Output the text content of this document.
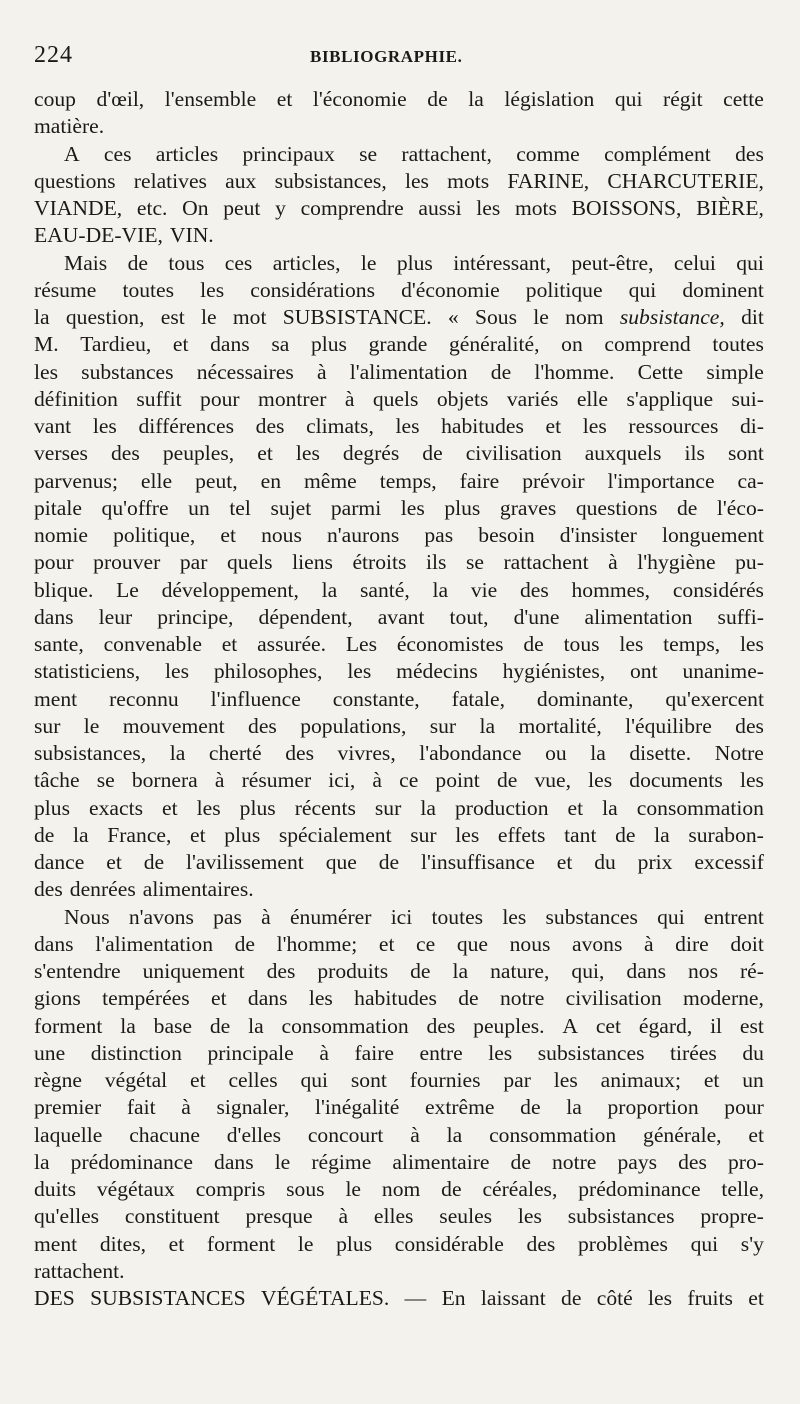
224	BIBLIOGRAPHIE.
coup d'œil, l'ensemble et l'économie de la législation qui régit cette
matière.
A ces articles principaux se rattachent, comme complément des
questions relatives aux subsistances, les mots FARINE, CHARCUTERIE,
VIANDE, etc. On peut y comprendre aussi les mots BOISSONS, BIÈRE,
EAU-DE-VIE, VIN.
Mais de tous ces articles, le plus intéressant, peut-être, celui qui
résume toutes les considérations d'économie politique qui dominent
la question, est le mot SUBSISTANCE. « Sous le nom subsistance, dit
M. Tardieu, et dans sa plus grande généralité, on comprend toutes
les substances nécessaires à l'alimentation de l'homme. Cette simple
définition suffit pour montrer à quels objets variés elle s'applique sui-
vant les différences des climats, les habitudes et les ressources di-
verses des peuples, et les degrés de civilisation auxquels ils sont
parvenus; elle peut, en même temps, faire prévoir l'importance ca-
pitale qu'offre un tel sujet parmi les plus graves questions de l'éco-
nomie politique, et nous n'aurons pas besoin d'insister longuement
pour prouver par quels liens étroits ils se rattachent à l'hygiène pu-
blique. Le développement, la santé, la vie des hommes, considérés
dans leur principe, dépendent, avant tout, d'une alimentation suffi-
sante, convenable et assurée. Les économistes de tous les temps, les
statisticiens, les philosophes, les médecins hygiénistes, ont unanime-
ment reconnu l'influence constante, fatale, dominante, qu'exercent
sur le mouvement des populations, sur la mortalité, l'équilibre des
subsistances, la cherté des vivres, l'abondance ou la disette. Notre
tâche se bornera à résumer ici, à ce point de vue, les documents les
plus exacts et les plus récents sur la production et la consommation
de la France, et plus spécialement sur les effets tant de la surabon-
dance et de l'avilissement que de l'insuffisance et du prix excessif
des denrées alimentaires.
Nous n'avons pas à énumérer ici toutes les substances qui entrent
dans l'alimentation de l'homme; et ce que nous avons à dire doit
s'entendre uniquement des produits de la nature, qui, dans nos ré-
gions tempérées et dans les habitudes de notre civilisation moderne,
forment la base de la consommation des peuples. A cet égard, il est
une distinction principale à faire entre les subsistances tirées du
règne végétal et celles qui sont fournies par les animaux; et un
premier fait à signaler, l'inégalité extrême de la proportion pour
laquelle chacune d'elles concourt à la consommation générale, et
la prédominance dans le régime alimentaire de notre pays des pro-
duits végétaux compris sous le nom de céréales, prédominance telle,
qu'elles constituent presque à elles seules les subsistances propre-
ment dites, et forment le plus considérable des problèmes qui s'y
rattachent.
DES SUBSISTANCES VÉGÉTALES. — En laissant de côté les fruits et
